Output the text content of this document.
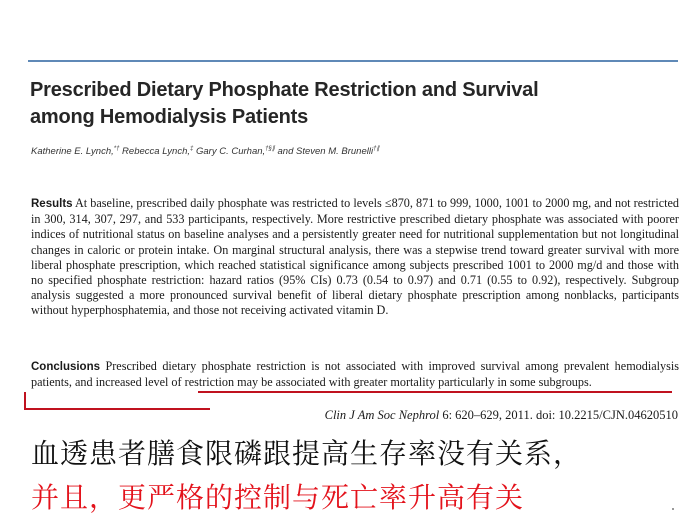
Prescribed Dietary Phosphate Restriction and Survival
among Hemodialysis Patients
Katherine E. Lynch,*† Rebecca Lynch,‡ Gary C. Curhan,†§∥ and Steven M. Brunelli†∥

Results At baseline, prescribed daily phosphate was restricted to levels ≤870, 871 to 999, 1000, 1001 to 2000 mg, and not restricted in 300, 314, 307, 297, and 533 participants, respectively. More restrictive prescribed dietary phosphate was associated with poorer indices of nutritional status on baseline analyses and a persistently greater need for nutritional supplementation but not longitudinal changes in caloric or protein intake. On marginal structural analysis, there was a stepwise trend toward greater survival with more liberal phosphate prescription, which reached statistical significance among subjects prescribed 1001 to 2000 mg/d and those with no specified phosphate restriction: hazard ratios (95% CIs) 0.73 (0.54 to 0.97) and 0.71 (0.55 to 0.92), respectively. Subgroup analysis suggested a more pronounced survival benefit of liberal dietary phosphate prescription among nonblacks, participants without hyperphosphatemia, and those not receiving activated vitamin D.

Conclusions Prescribed dietary phosphate restriction is not associated with improved survival among prevalent hemodialysis patients, and increased level of restriction may be associated with greater mortality particularly in some subgroups.

Clin J Am Soc Nephrol 6: 620–629, 2011. doi: 10.2215/CJN.04620510
血透患者膳食限磷跟提高生存率没有关系，
并且，更严格的控制与死亡率升高有关
